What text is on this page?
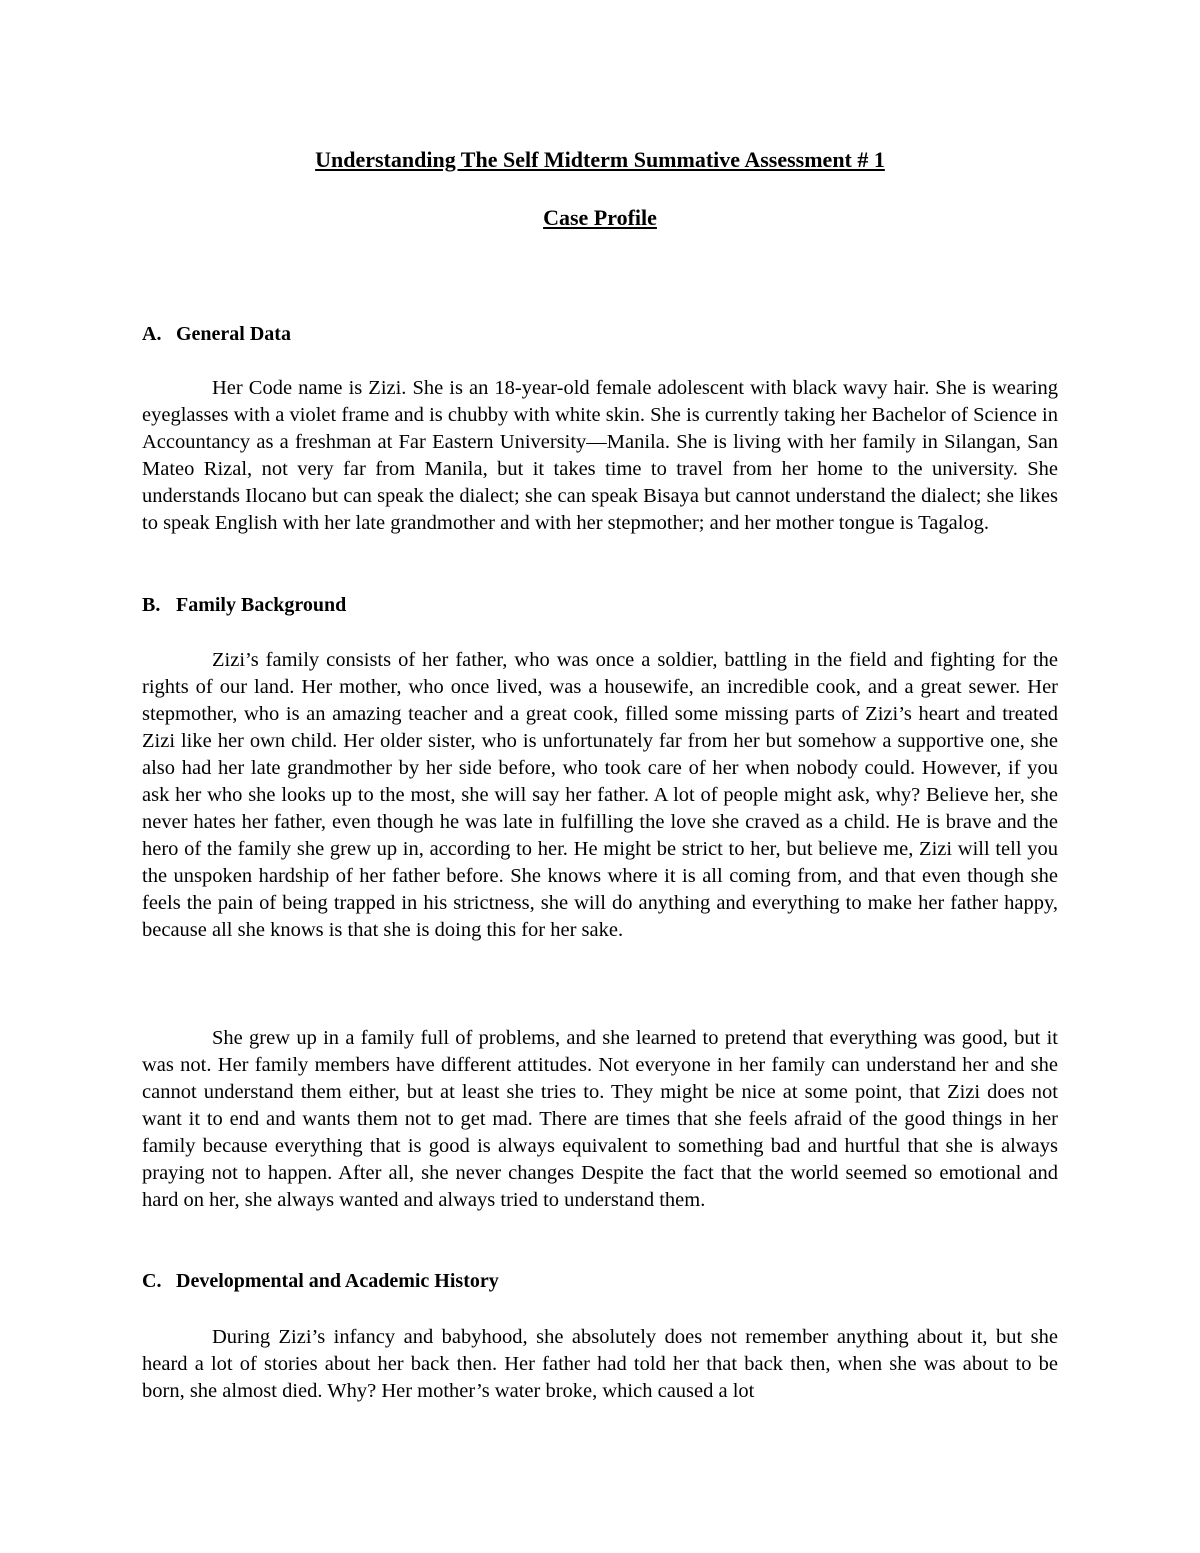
Understanding The Self Midterm Summative Assessment # 1
Case Profile
A. General Data

Her Code name is Zizi. She is an 18-year-old female adolescent with black wavy hair. She is wearing eyeglasses with a violet frame and is chubby with white skin. She is currently taking her Bachelor of Science in Accountancy as a freshman at Far Eastern University—Manila. She is living with her family in Silangan, San Mateo Rizal, not very far from Manila, but it takes time to travel from her home to the university. She understands Ilocano but can speak the dialect; she can speak Bisaya but cannot understand the dialect; she likes to speak English with her late grandmother and with her stepmother; and her mother tongue is Tagalog.

B. Family Background

Zizi’s family consists of her father, who was once a soldier, battling in the field and fighting for the rights of our land. Her mother, who once lived, was a housewife, an incredible cook, and a great sewer. Her stepmother, who is an amazing teacher and a great cook, filled some missing parts of Zizi’s heart and treated Zizi like her own child. Her older sister, who is unfortunately far from her but somehow a supportive one, she also had her late grandmother by her side before, who took care of her when nobody could. However, if you ask her who she looks up to the most, she will say her father. A lot of people might ask, why? Believe her, she never hates her father, even though he was late in fulfilling the love she craved as a child. He is brave and the hero of the family she grew up in, according to her. He might be strict to her, but believe me, Zizi will tell you the unspoken hardship of her father before. She knows where it is all coming from, and that even though she feels the pain of being trapped in his strictness, she will do anything and everything to make her father happy, because all she knows is that she is doing this for her sake.

She grew up in a family full of problems, and she learned to pretend that everything was good, but it was not. Her family members have different attitudes. Not everyone in her family can understand her and she cannot understand them either, but at least she tries to. They might be nice at some point, that Zizi does not want it to end and wants them not to get mad. There are times that she feels afraid of the good things in her family because everything that is good is always equivalent to something bad and hurtful that she is always praying not to happen. After all, she never changes Despite the fact that the world seemed so emotional and hard on her, she always wanted and always tried to understand them.

C. Developmental and Academic History

During Zizi’s infancy and babyhood, she absolutely does not remember anything about it, but she heard a lot of stories about her back then. Her father had told her that back then, when she was about to be born, she almost died. Why? Her mother’s water broke, which caused a lot
